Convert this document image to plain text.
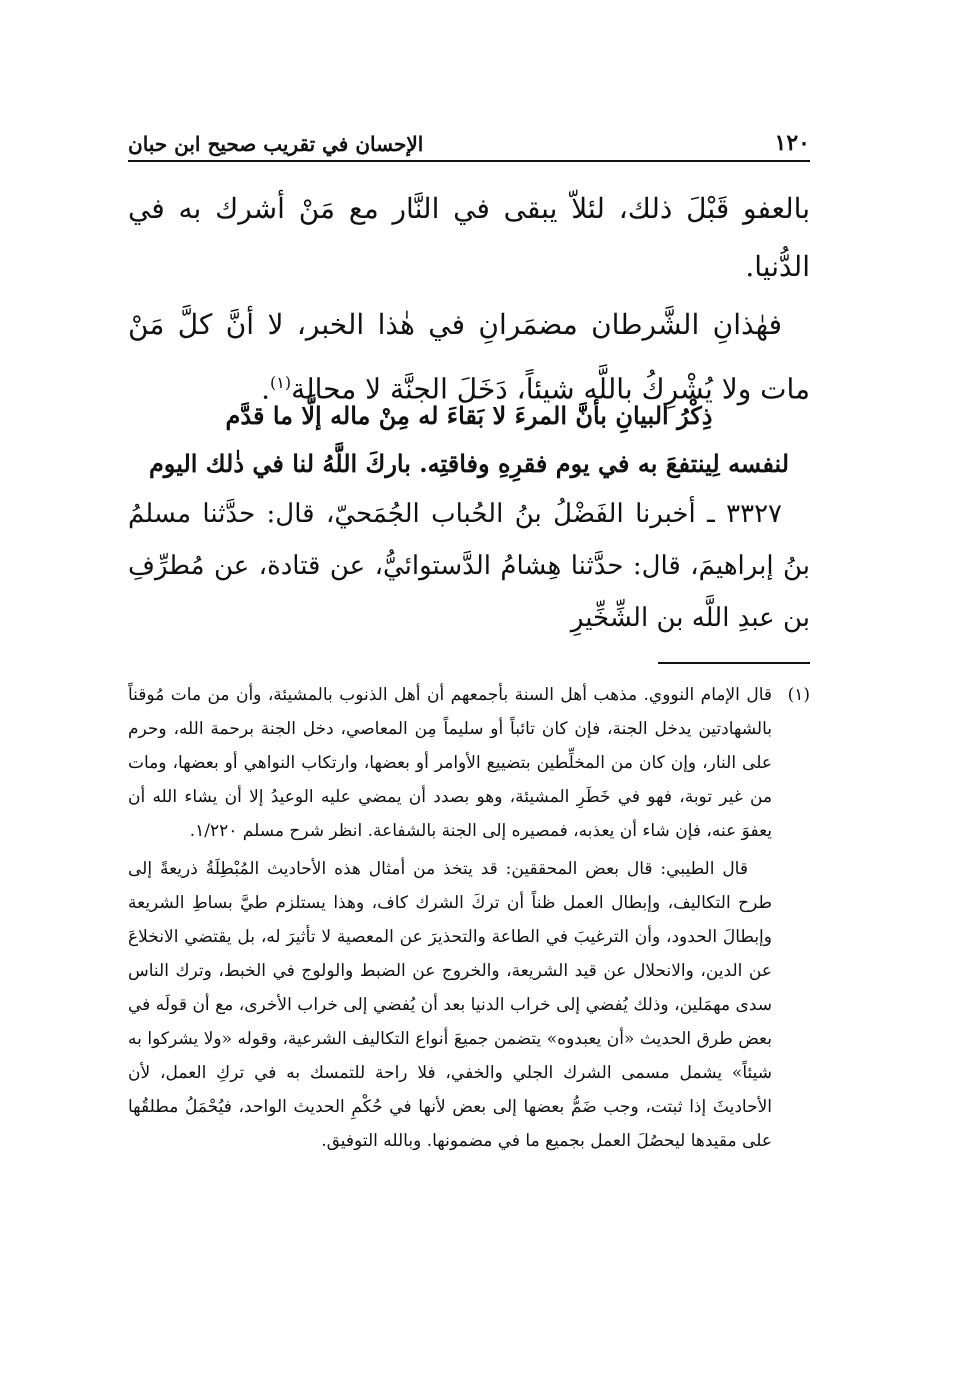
١٢٠
الإحسان في تقريب صحيح ابن حبان

بالعفو قَبْلَ ذلك، لئلاّ يبقى في النَّار مع مَنْ أشرك به في الدُّنيا.

فهٰذانِ الشَّرطان مضمَرانِ في هٰذا الخبر، لا أنَّ كلَّ مَنْ مات ولا يُشْرِكُ باللَّه شيئاً، دَخَلَ الجنَّة لا محالة$^{(١)}$.

ذِكْرُ البيانِ بأنَّ المرءَ لا بَقاءَ له مِنْ ماله إلَّا ما قدَّم
لنفسه لِينتفعَ به في يوم فقرِهِ وفاقتِه. باركَ اللَّهُ لنا في ذٰلك اليوم

٣٣٢٧ ـ أخبرنا الفَضْلُ بنُ الحُباب الجُمَحيّ، قال: حدَّثنا مسلمُ بنُ إبراهيمَ، قال: حدَّثنا هِشامُ الدَّستوائيُّ، عن قتادة، عن مُطرِّفِ بن عبدِ اللَّه بن الشِّخِّيرِ

(١)
قال الإمام النووي. مذهب أهل السنة بأجمعهم أن أهل الذنوب بالمشيئة، وأن من مات مُوقناً بالشهادتين يدخل الجنة، فإن كان تائباً أو سليماً مِن المعاصي، دخل الجنة برحمة الله، وحرم على النار، وإن كان من المخلِّطين بتضييع الأوامر أو بعضها، وارتكاب النواهي أو بعضها، ومات من غير توبة، فهو في خَطَرِ المشيئة، وهو بصدد أن يمضي عليه الوعيدُ إلا أن يشاء الله أن يعفوَ عنه، فإن شاء أن يعذبه، فمصيره إلى الجنة بالشفاعة. انظر شرح مسلم ١/٢٢٠.

قال الطيبي: قال بعض المحققين: قد يتخذ من أمثال هذه الأحاديث المُبْطِلَةُ ذريعةً إلى طرح التكاليف، وإبطال العمل ظناً أن تركَ الشرك كاف، وهذا يستلزم طيَّ بساطِ الشريعة وإبطالَ الحدود، وأن الترغيبَ في الطاعة والتحذيرَ عن المعصية لا تأثيرَ له، بل يقتضي الانخلاعَ عن الدين، والانحلال عن قيد الشريعة، والخروج عن الضبط والولوج في الخبط، وترك الناس سدى مهمَلين، وذلك يُفضي إلى خراب الدنيا بعد أن يُفضي إلى خراب الأخرى، مع أن قولَه في بعض طرق الحديث «أن يعبدوه» يتضمن جميعَ أنواع التكاليف الشرعية، وقوله «ولا يشركوا به شيئاً» يشمل مسمى الشرك الجلي والخفي، فلا راحة للتمسك به في تركِ العمل، لأن الأحاديثَ إذا ثبتت، وجب ضَمُّ بعضها إلى بعض لأنها في حُكْمِ الحديث الواحد، فيُحْمَلُ مطلقُها على مقيدها ليحصُلَ العمل بجميع ما في مضمونها. وبالله التوفيق.
